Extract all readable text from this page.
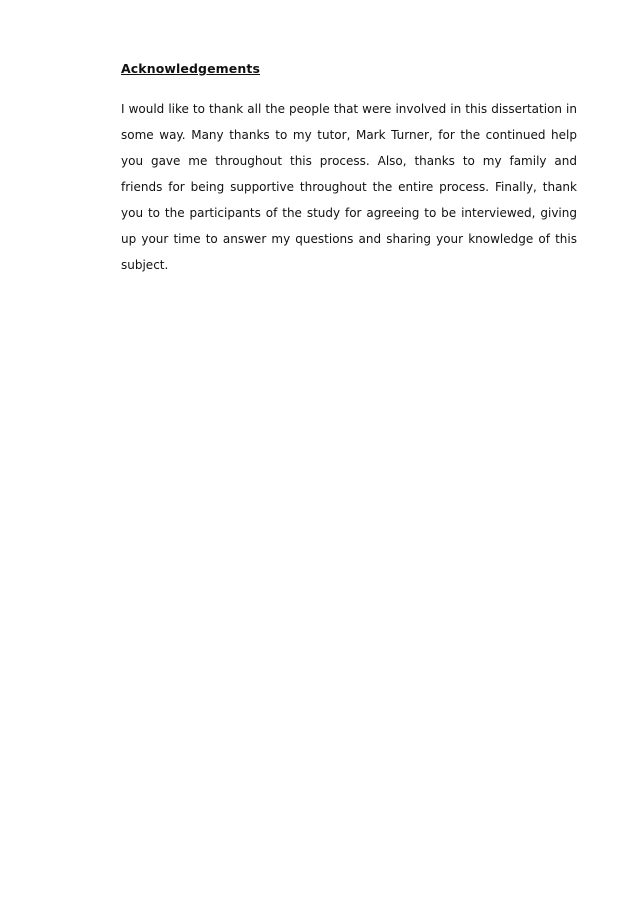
Acknowledgements

I would like to thank all the people that were involved in this dissertation in some way. Many thanks to my tutor, Mark Turner, for the continued help you gave me throughout this process. Also, thanks to my family and friends for being supportive throughout the entire process. Finally, thank you to the participants of the study for agreeing to be interviewed, giving up your time to answer my questions and sharing your knowledge of this subject.
